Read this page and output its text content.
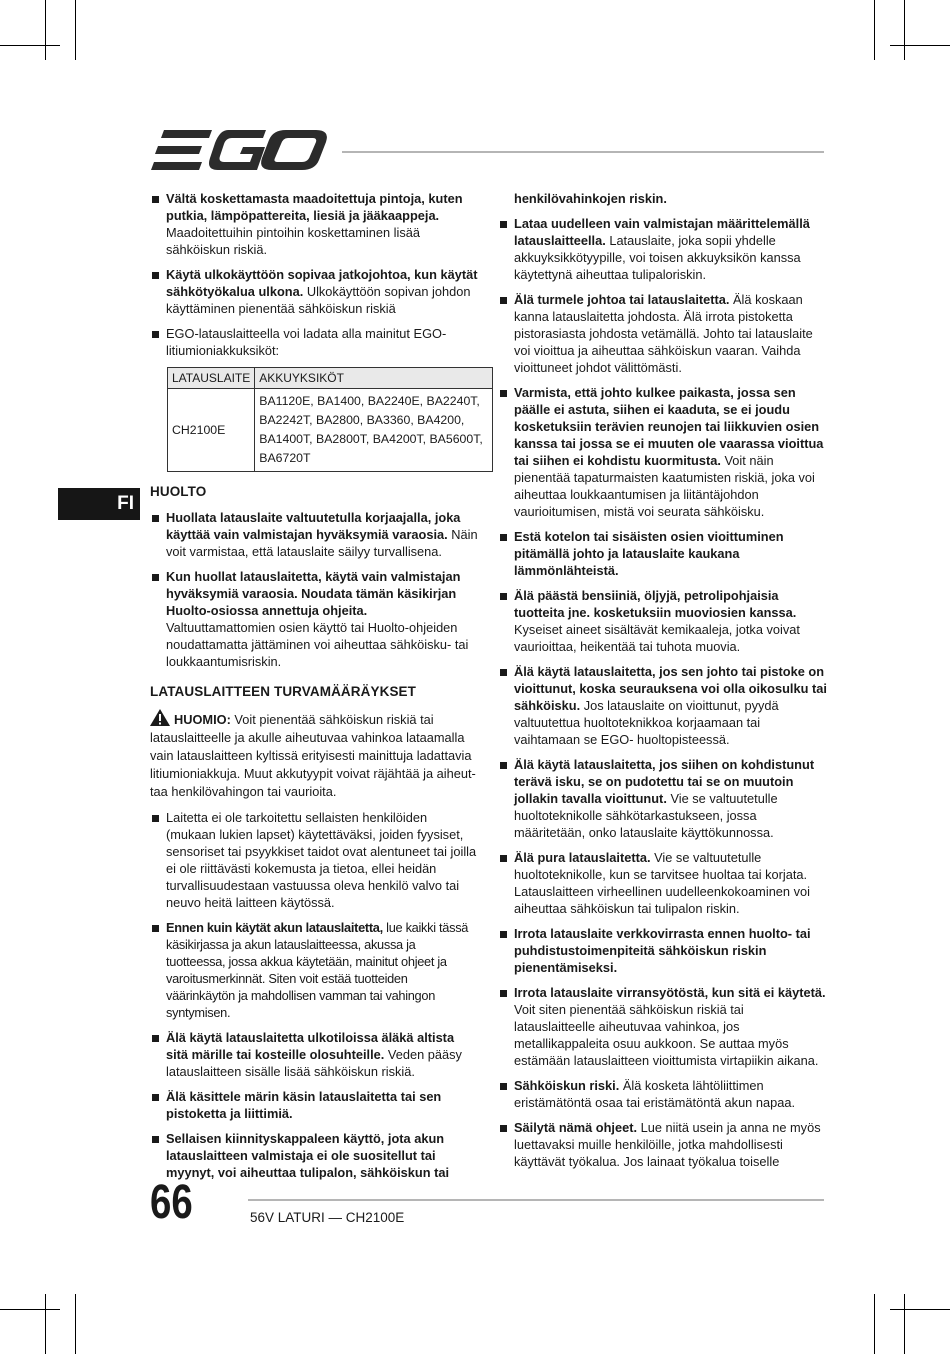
FI
Vältä koskettamasta maadoitettuja pintoja, kuten putkia, lämpöpattereita, liesiä ja jääkaappeja. Maadoitettuihin pintoihin koskettaminen lisää sähköiskun riskiä.
Käytä ulkokäyttöön sopivaa jatkojohtoa, kun käytät sähkötyökalua ulkona. Ulkokäyttöön sopivan johdon käyttäminen pienentää sähköiskun riskiä
EGO-latauslaitteella voi ladata alla mainitut EGO-litiumioniakkuksiköt:
LATAUSLAITE	AKKUYKSIKÖT
CH2100E	BA1120E, BA1400, BA2240E, BA2240T,
BA2242T, BA2800, BA3360, BA4200,
BA1400T, BA2800T, BA4200T, BA5600T,
BA6720T
HUOLTO
Huollata latauslaite valtuutetulla korjaajalla, joka käyttää vain valmistajan hyväksymiä varaosia. Näin voit varmistaa, että latauslaite säilyy turvallisena.
Kun huollat latauslaitetta, käytä vain valmistajan hyväksymiä varaosia. Noudata tämän käsikirjan Huolto-osiossa annettuja ohjeita. Valtuuttamattomien osien käyttö tai Huolto-ohjeiden noudattamatta jättäminen voi aiheuttaa sähköisku- tai loukkaantumisriskin.
LATAUSLAITTEEN TURVAMÄÄRÄYKSET
HUOMIO: Voit pienentää sähköiskun riskiä tai latauslaitteelle ja akulle aiheutuvaa vahinkoa lataamalla vain latauslaitteen kyltissä erityisesti mainittuja ladattavia litiumioniakkuja. Muut akkutyypit voivat räjähtää ja aiheut-taa henkilövahingon tai vaurioita.
Laitetta ei ole tarkoitettu sellaisten henkilöiden (mukaan lukien lapset) käytettäväksi, joiden fyysiset, sensoriset tai psyykkiset taidot ovat alentuneet tai joilla ei ole riittävästi kokemusta ja tietoa, ellei heidän turvallisuudestaan vastuussa oleva henkilö valvo tai neuvo heitä laitteen käytössä.
Ennen kuin käytät akun latauslaitetta, lue kaikki tässä käsikirjassa ja akun latauslaitteessa, akussa ja tuotteessa, jossa akkua käytetään, mainitut ohjeet ja varoitusmerkinnät. Siten voit estää tuotteiden väärinkäytön ja mahdollisen vamman tai vahingon syntymisen.
Älä käytä latauslaitetta ulkotiloissa äläkä altista sitä märille tai kosteille olosuhteille. Veden pääsy latauslaitteen sisälle lisää sähköiskun riskiä.
Älä käsittele märin käsin latauslaitetta tai sen pistoketta ja liittimiä.
Sellaisen kiinnityskappaleen käyttö, jota akun latauslaitteen valmistaja ei ole suositellut tai myynyt, voi aiheuttaa tulipalon, sähköiskun tai
henkilövahinkojen riskin.
Lataa uudelleen vain valmistajan määrittelemällä latauslaitteella. Latauslaite, joka sopii yhdelle akkuyksikkötyypille, voi toisen akkuyksikön kanssa käytettynä aiheuttaa tulipaloriskin.
Älä turmele johtoa tai latauslaitetta. Älä koskaan kanna latauslaitetta johdosta. Älä irrota pistoketta pistorasiasta johdosta vetämällä. Johto tai latauslaite voi vioittua ja aiheuttaa sähköiskun vaaran. Vaihda vioittuneet johdot välittömästi.
Varmista, että johto kulkee paikasta, jossa sen päälle ei astuta, siihen ei kaaduta, se ei joudu kosketuksiin terävien reunojen tai liikkuvien osien kanssa tai jossa se ei muuten ole vaarassa vioittua tai siihen ei kohdistu kuormitusta. Voit näin pienentää tapaturmaisten kaatumisten riskiä, joka voi aiheuttaa loukkaantumisen ja liitäntäjohdon vaurioitumisen, mistä voi seurata sähköisku.
Estä kotelon tai sisäisten osien vioittuminen pitämällä johto ja latauslaite kaukana lämmönlähteistä.
Älä päästä bensiiniä, öljyjä, petrolipohjaisia tuotteita jne. kosketuksiin muoviosien kanssa. Kyseiset aineet sisältävät kemikaaleja, jotka voivat vaurioittaa, heikentää tai tuhota muovia.
Älä käytä latauslaitetta, jos sen johto tai pistoke on vioittunut, koska seurauksena voi olla oikosulku tai sähköisku. Jos latauslaite on vioittunut, pyydä valtuutettua huoltoteknikkoa korjaamaan tai vaihtamaan se EGO- huoltopisteessä.
Älä käytä latauslaitetta, jos siihen on kohdistunut terävä isku, se on pudotettu tai se on muutoin jollakin tavalla vioittunut. Vie se valtuutetulle huoltoteknikolle sähkötarkastukseen, jossa määritetään, onko latauslaite käyttökunnossa.
Älä pura latauslaitetta. Vie se valtuutetulle huoltoteknikolle, kun se tarvitsee huoltaa tai korjata. Latauslaitteen virheellinen uudelleenkokoaminen voi aiheuttaa sähköiskun tai tulipalon riskin.
Irrota latauslaite verkkovirrasta ennen huolto- tai puhdistustoimenpiteitä sähköiskun riskin pienentämiseksi.
Irrota latauslaite virransyötöstä, kun sitä ei käytetä. Voit siten pienentää sähköiskun riskiä tai latauslaitteelle aiheutuvaa vahinkoa, jos metallikappaleita osuu aukkoon. Se auttaa myös estämään latauslaitteen vioittumista virtapiikin aikana.
Sähköiskun riski. Älä kosketa lähtöliittimen eristämätöntä osaa tai eristämätöntä akun napaa.
Säilytä nämä ohjeet. Lue niitä usein ja anna ne myös luettavaksi muille henkilöille, jotka mahdollisesti käyttävät työkalua. Jos lainaat työkalua toiselle
66	56V LATURI — CH2100E
